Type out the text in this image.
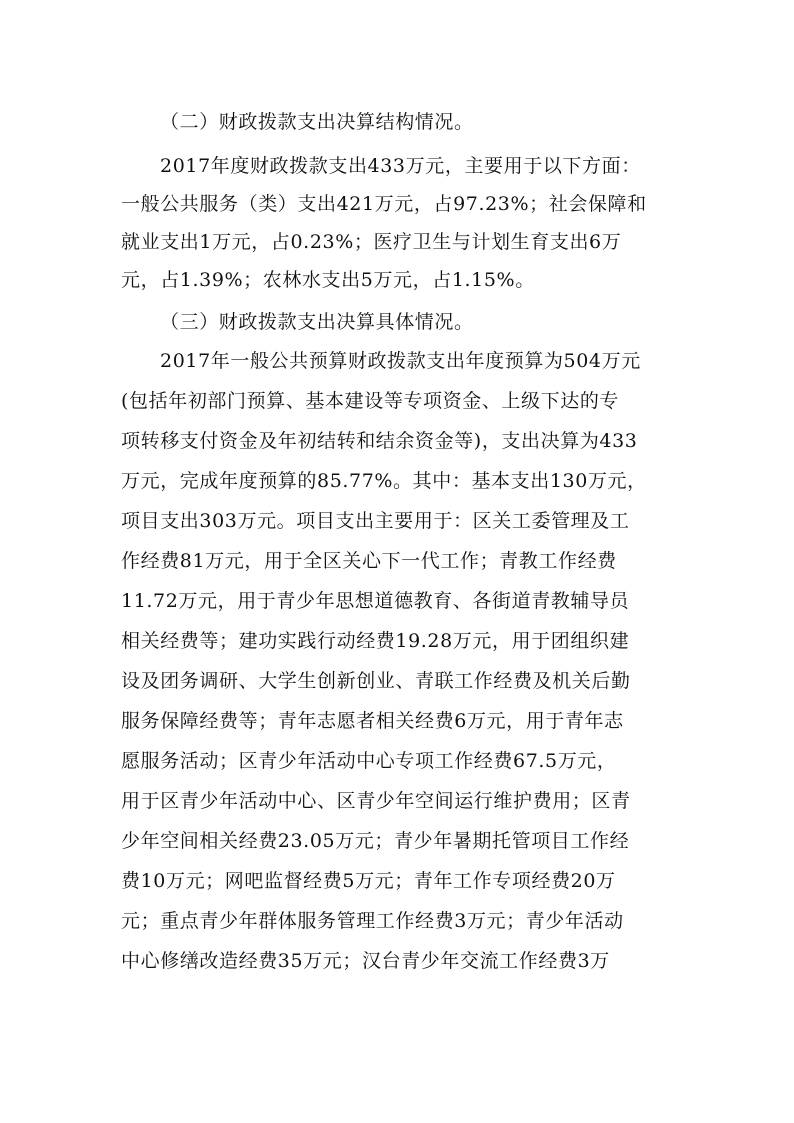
（二）财政拨款支出决算结构情况。
2017年度财政拨款支出433万元，主要用于以下方面：
一般公共服务（类）支出421万元，占97.23%；社会保障和
就业支出1万元，占0.23%；医疗卫生与计划生育支出6万
元，占1.39%；农林水支出5万元，占1.15%。
（三）财政拨款支出决算具体情况。
2017年一般公共预算财政拨款支出年度预算为504万元
(包括年初部门预算、基本建设等专项资金、上级下达的专
项转移支付资金及年初结转和结余资金等)，支出决算为433
万元，完成年度预算的85.77%。其中：基本支出130万元，
项目支出303万元。项目支出主要用于：区关工委管理及工
作经费81万元，用于全区关心下一代工作；青教工作经费
11.72万元，用于青少年思想道德教育、各街道青教辅导员
相关经费等；建功实践行动经费19.28万元，用于团组织建
设及团务调研、大学生创新创业、青联工作经费及机关后勤
服务保障经费等；青年志愿者相关经费6万元，用于青年志
愿服务活动；区青少年活动中心专项工作经费67.5万元，
用于区青少年活动中心、区青少年空间运行维护费用；区青
少年空间相关经费23.05万元；青少年暑期托管项目工作经
费10万元；网吧监督经费5万元；青年工作专项经费20万
元；重点青少年群体服务管理工作经费3万元；青少年活动
中心修缮改造经费35万元；汉台青少年交流工作经费3万
